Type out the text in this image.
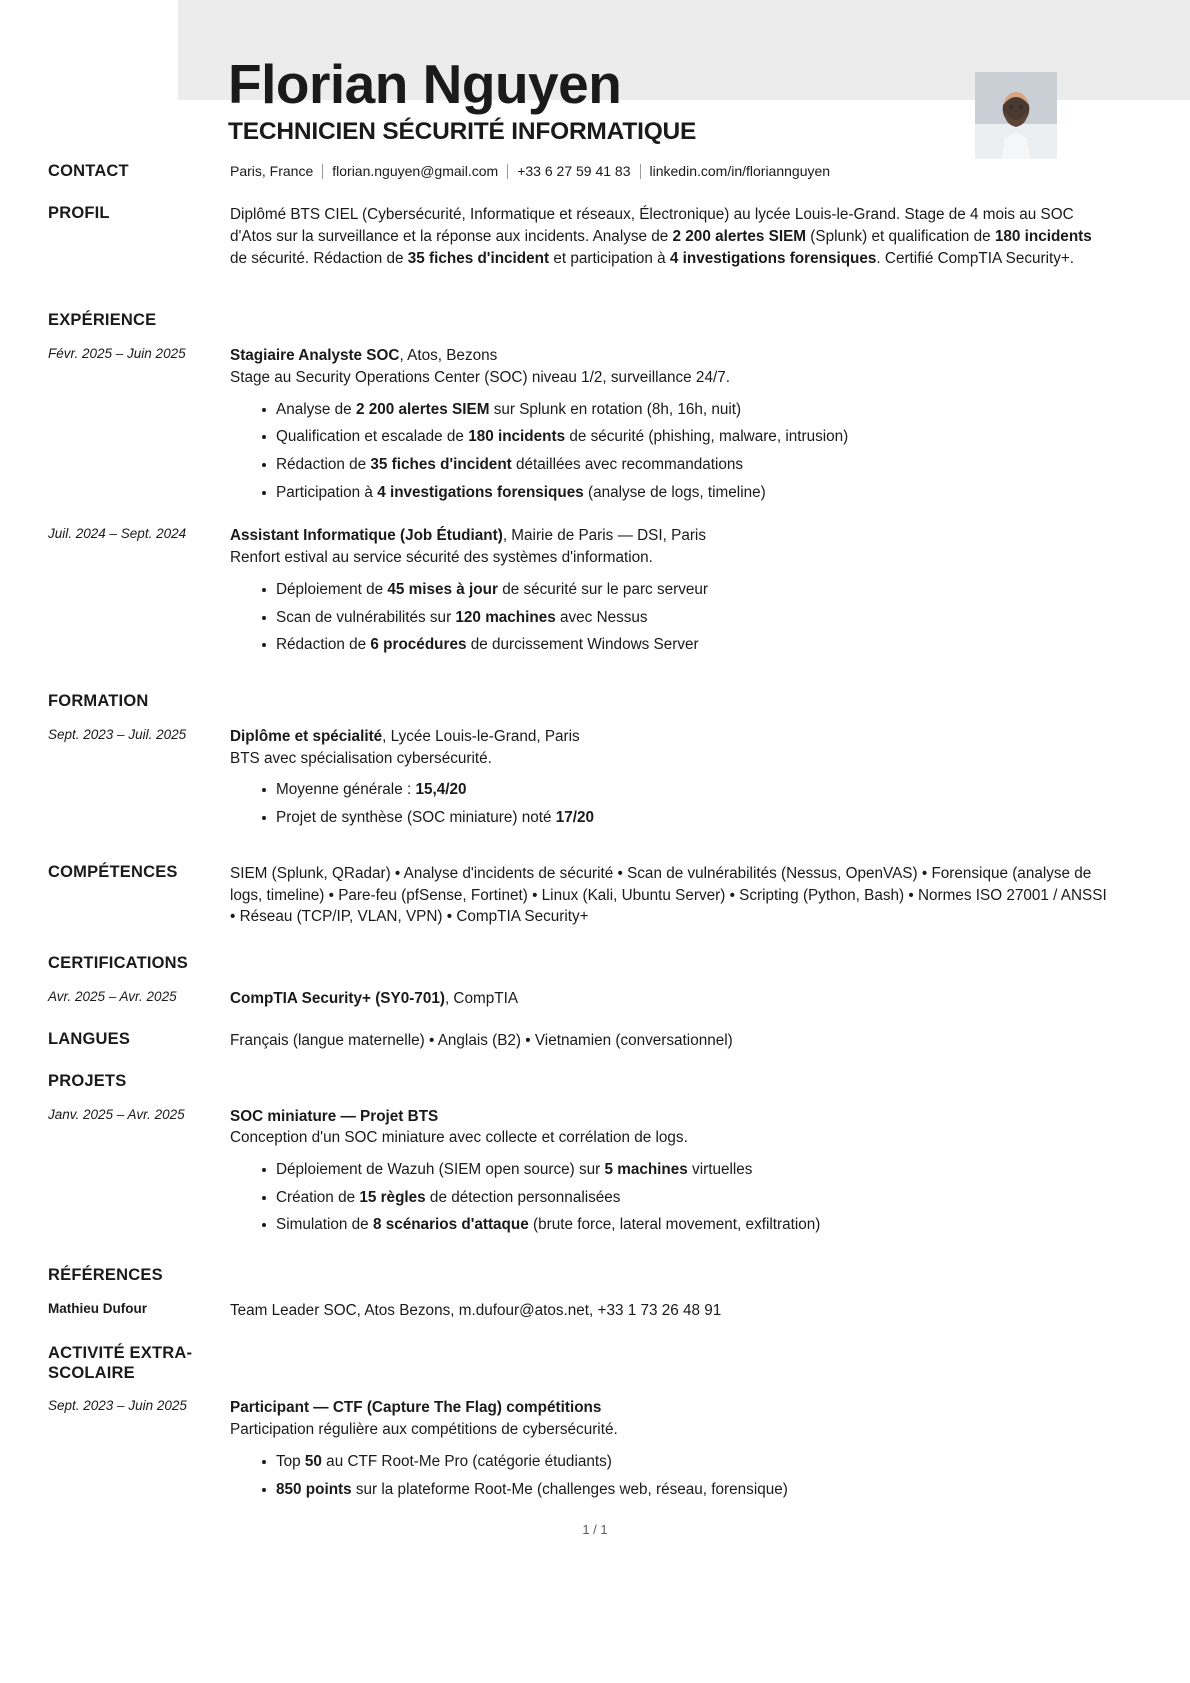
Florian Nguyen
TECHNICIEN SÉCURITÉ INFORMATIQUE
CONTACT	Paris, France florian.nguyen@gmail.com +33 6 27 59 41 83 linkedin.com/in/floriannguyen
PROFIL	Diplômé BTS CIEL (Cybersécurité, Informatique et réseaux, Électronique) au lycée Louis-le-Grand. Stage de 4 mois au SOC d'Atos sur la surveillance et la réponse aux incidents. Analyse de 2 200 alertes SIEM (Splunk) et qualification de 180 incidents de sécurité. Rédaction de 35 fiches d'incident et participation à 4 investigations forensiques. Certifié CompTIA Security+.
EXPÉRIENCE
Févr. 2025 – Juin 2025	Stagiaire Analyste SOC, Atos, Bezons
Stage au Security Operations Center (SOC) niveau 1/2, surveillance 24/7.
Analyse de 2 200 alertes SIEM sur Splunk en rotation (8h, 16h, nuit)
Qualification et escalade de 180 incidents de sécurité (phishing, malware, intrusion)
Rédaction de 35 fiches d'incident détaillées avec recommandations
Participation à 4 investigations forensiques (analyse de logs, timeline)
Juil. 2024 – Sept. 2024	Assistant Informatique (Job Étudiant), Mairie de Paris — DSI, Paris
Renfort estival au service sécurité des systèmes d'information.
Déploiement de 45 mises à jour de sécurité sur le parc serveur
Scan de vulnérabilités sur 120 machines avec Nessus
Rédaction de 6 procédures de durcissement Windows Server
FORMATION
Sept. 2023 – Juil. 2025	Diplôme et spécialité, Lycée Louis-le-Grand, Paris
BTS avec spécialisation cybersécurité.
Moyenne générale : 15,4/20
Projet de synthèse (SOC miniature) noté 17/20
COMPÉTENCES	SIEM (Splunk, QRadar) • Analyse d'incidents de sécurité • Scan de vulnérabilités (Nessus, OpenVAS) • Forensique (analyse de logs, timeline) • Pare-feu (pfSense, Fortinet) • Linux (Kali, Ubuntu Server) • Scripting (Python, Bash) • Normes ISO 27001 / ANSSI • Réseau (TCP/IP, VLAN, VPN) • CompTIA Security+
CERTIFICATIONS
Avr. 2025 – Avr. 2025	CompTIA Security+ (SY0-701), CompTIA
LANGUES	Français (langue maternelle) • Anglais (B2) • Vietnamien (conversationnel)
PROJETS
Janv. 2025 – Avr. 2025	SOC miniature — Projet BTS
Conception d'un SOC miniature avec collecte et corrélation de logs.
Déploiement de Wazuh (SIEM open source) sur 5 machines virtuelles
Création de 15 règles de détection personnalisées
Simulation de 8 scénarios d'attaque (brute force, lateral movement, exfiltration)
RÉFÉRENCES
Mathieu Dufour	Team Leader SOC, Atos Bezons, m.dufour@atos.net, +33 1 73 26 48 91
ACTIVITÉ EXTRA-SCOLAIRE
Sept. 2023 – Juin 2025	Participant — CTF (Capture The Flag) compétitions
Participation régulière aux compétitions de cybersécurité.
Top 50 au CTF Root-Me Pro (catégorie étudiants)
850 points sur la plateforme Root-Me (challenges web, réseau, forensique)
1 / 1
